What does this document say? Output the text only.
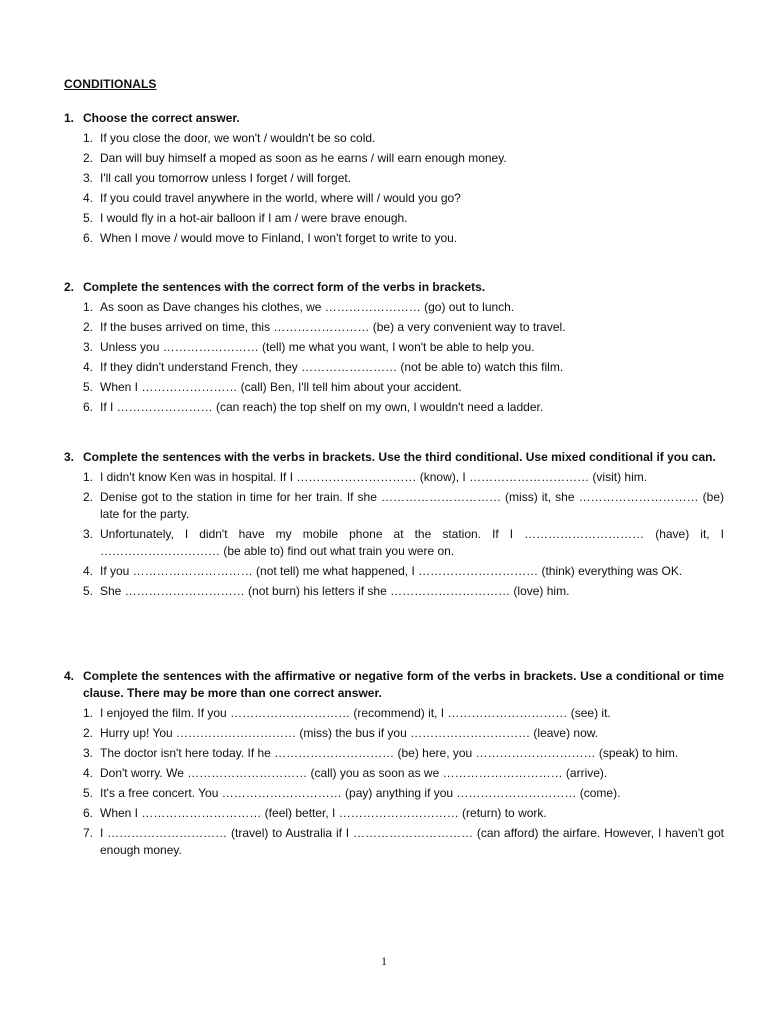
CONDITIONALS
1. Choose the correct answer.
1. If you close the door, we won't / wouldn't be so cold.
2. Dan will buy himself a moped as soon as he earns / will earn enough money.
3. I'll call you tomorrow unless I forget / will forget.
4. If you could travel anywhere in the world, where will / would you go?
5. I would fly in a hot-air balloon if I am / were brave enough.
6. When I move / would move to Finland, I won't forget to write to you.
2. Complete the sentences with the correct form of the verbs in brackets.
1. As soon as Dave changes his clothes, we …………………… (go) out to lunch.
2. If the buses arrived on time, this …………………… (be) a very convenient way to travel.
3. Unless you …………………… (tell) me what you want, I won't be able to help you.
4. If they didn't understand French, they …………………… (not be able to) watch this film.
5. When I …………………… (call) Ben, I'll tell him about your accident.
6. If I …………………… (can reach) the top shelf on my own, I wouldn't need a ladder.
3. Complete the sentences with the verbs in brackets. Use the third conditional. Use mixed conditional if you can.
1. I didn't know Ken was in hospital. If I ………………………… (know), I ………………………… (visit) him.
2. Denise got to the station in time for her train. If she ………………………… (miss) it, she ………………………… (be) late for the party.
3. Unfortunately, I didn't have my mobile phone at the station. If I ………………………… (have) it, I ………………………… (be able to) find out what train you were on.
4. If you ………………………… (not tell) me what happened, I ………………………… (think) everything was OK.
5. She ………………………… (not burn) his letters if she ………………………… (love) him.
4. Complete the sentences with the affirmative or negative form of the verbs in brackets. Use a conditional or time clause. There may be more than one correct answer.
1. I enjoyed the film. If you ………………………… (recommend) it, I ………………………… (see) it.
2. Hurry up! You ………………………… (miss) the bus if you ………………………… (leave) now.
3. The doctor isn't here today. If he ………………………… (be) here, you ………………………… (speak) to him.
4. Don't worry. We ………………………… (call) you as soon as we ………………………… (arrive).
5. It's a free concert. You ………………………… (pay) anything if you ………………………… (come).
6. When I ………………………… (feel) better, I ………………………… (return) to work.
7. I ………………………… (travel) to Australia if I ………………………… (can afford) the airfare. However, I haven't got enough money.
1
